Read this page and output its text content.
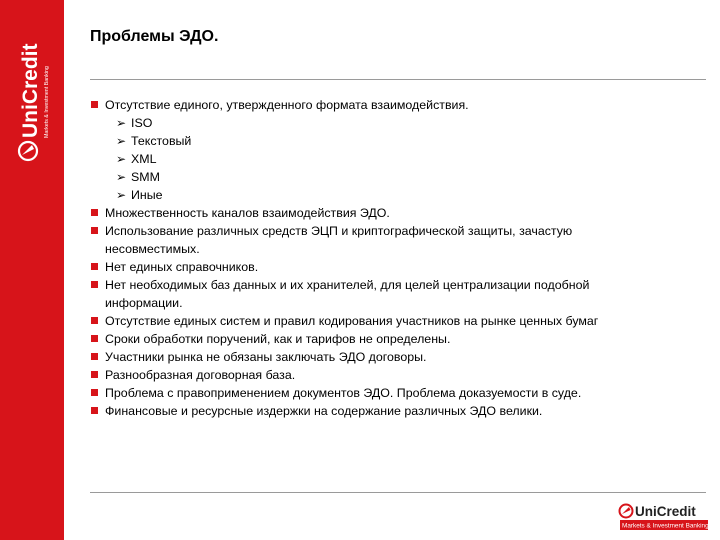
UniCredit Markets & Investment Banking
Проблемы ЭДО.
Отсутствие единого, утвержденного формата взаимодействия.
➢ ISO
➢ Текстовый
➢ XML
➢ SMM
➢ Иные
Множественность каналов взаимодействия ЭДО.
Использование различных средств ЭЦП и криптографической защиты, зачастую
несовместимых.
Нет единых справочников.
Нет необходимых баз данных и их хранителей, для целей централизации подобной
информации.
Отсутствие единых систем и правил кодирования участников на рынке ценных бумаг
Сроки обработки поручений, как и тарифов не определены.
Участники рынка не обязаны заключать ЭДО договоры.
Разнообразная договорная база.
Проблема с правоприменением документов ЭДО. Проблема доказуемости в суде.
Финансовые и ресурсные издержки на содержание различных ЭДО велики.
UniCredit
Markets & Investment Banking
